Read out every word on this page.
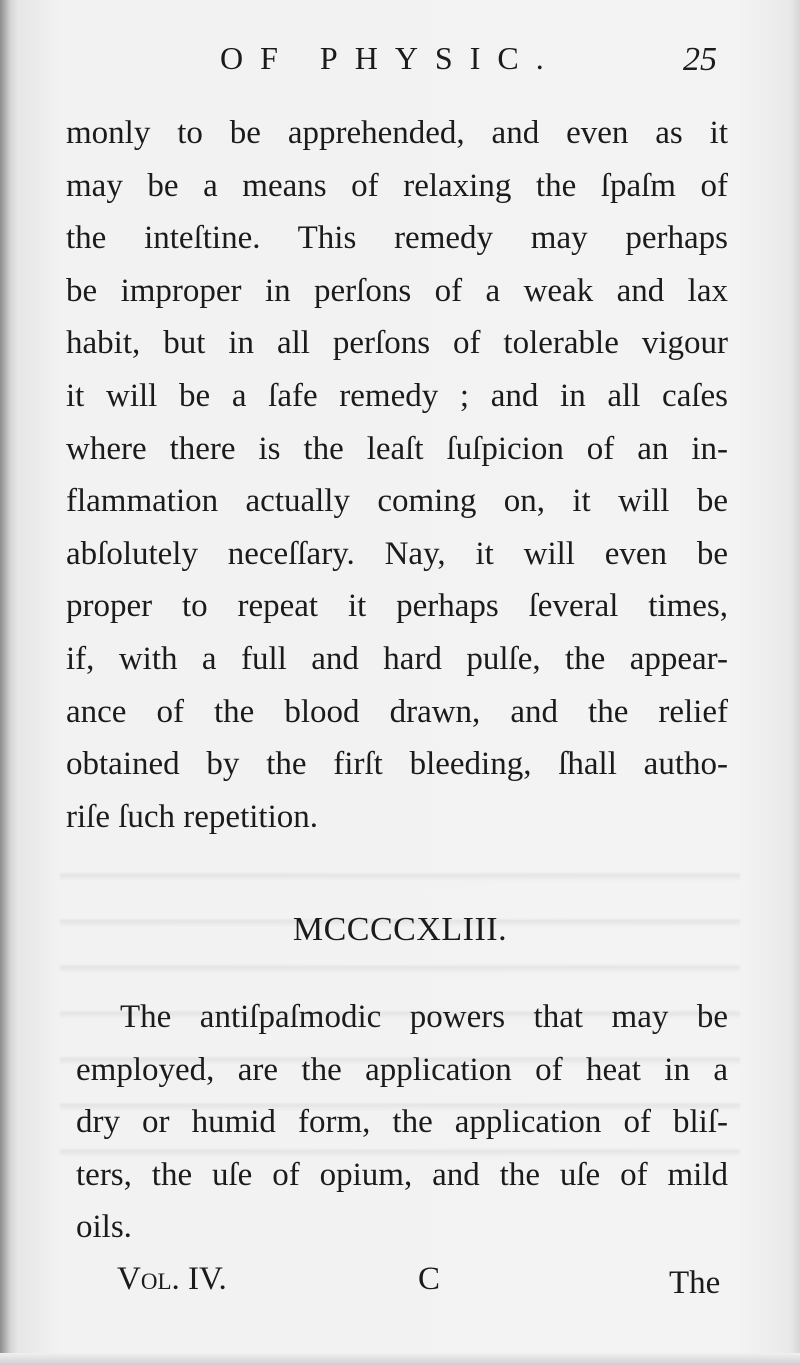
OF PHYSIC.	25
monly to be apprehended, and even as it
may be a means of relaxing the ſpaſm of
the inteſtine. This remedy may perhaps
be improper in perſons of a weak and lax
habit, but in all perſons of tolerable vigour
it will be a ſafe remedy ; and in all caſes
where there is the leaſt ſuſpicion of an in-
flammation actually coming on, it will be
abſolutely neceſſary. Nay, it will even be
proper to repeat it perhaps ſeveral times,
if, with a full and hard pulſe, the appear-
ance of the blood drawn, and the relief
obtained by the firſt bleeding, ſhall autho-
riſe ſuch repetition.
MCCCCXLIII.
The antiſpaſmodic powers that may be
employed, are the application of heat in a
dry or humid form, the application of bliſ-
ters, the uſe of opium, and the uſe of mild
oils.
Vol. IV.	C	The
